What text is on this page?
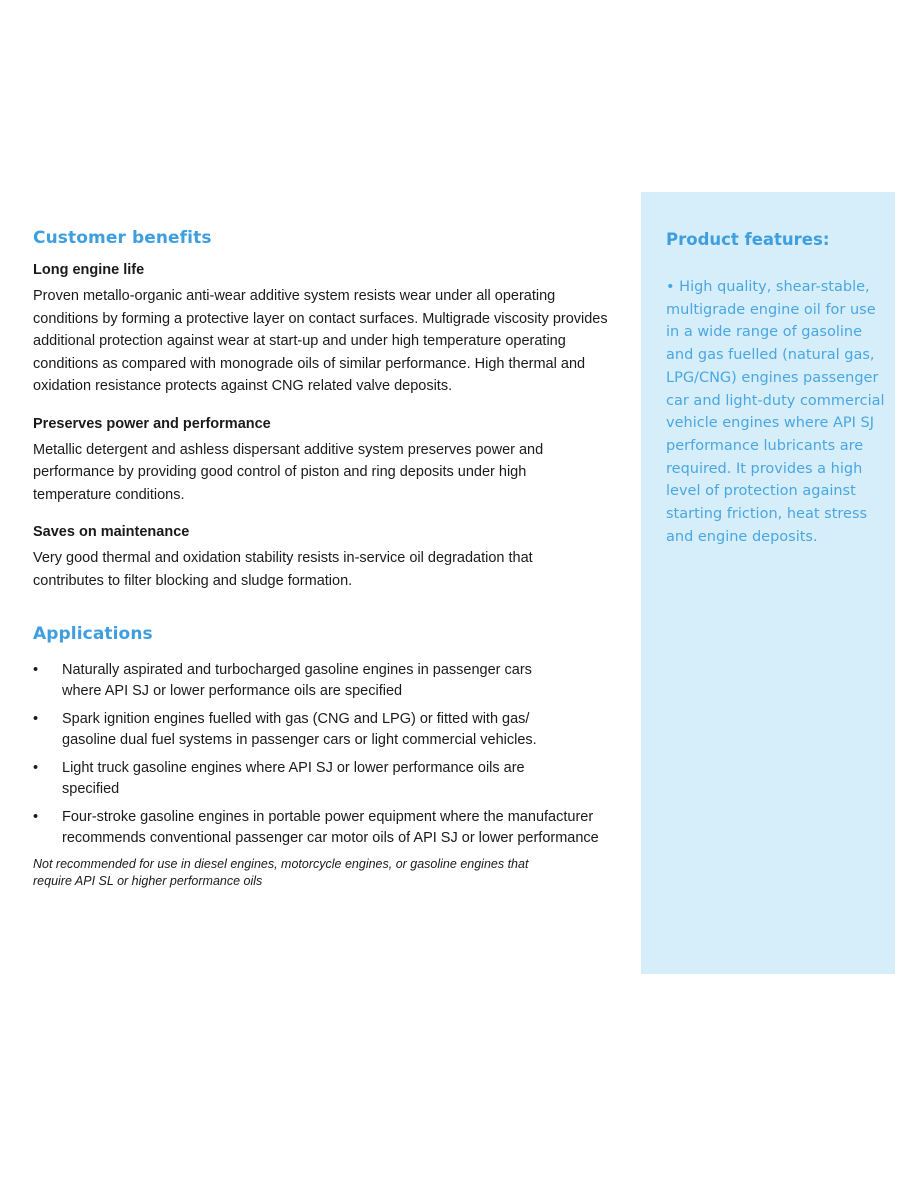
Customer benefits
Long engine life

Proven metallo-organic anti-wear additive system resists wear under all operating conditions by forming a protective layer on contact surfaces. Multigrade viscosity provides additional protection against wear at start-up and under high temperature operating conditions as compared with monograde oils of similar performance. High thermal and oxidation resistance protects against CNG related valve deposits.

Preserves power and performance

Metallic detergent and ashless dispersant additive system preserves power and performance by providing good control of piston and ring deposits under high temperature conditions.

Saves on maintenance

Very good thermal and oxidation stability resists in-service oil degradation that contributes to filter blocking and sludge formation.

Applications
• Naturally aspirated and turbocharged gasoline engines in passenger cars where API SJ or lower performance oils are specified
• Spark ignition engines fuelled with gas (CNG and LPG) or fitted with gas/ gasoline dual fuel systems in passenger cars or light commercial vehicles.
• Light truck gasoline engines where API SJ or lower performance oils are specified
• Four-stroke gasoline engines in portable power equipment where the manufacturer recommends conventional passenger car motor oils of API SJ or lower performance

Not recommended for use in diesel engines, motorcycle engines, or gasoline engines that require API SL or higher performance oils

Product features:

• High quality, shear-stable, multigrade engine oil for use in a wide range of gasoline and gas fuelled (natural gas, LPG/CNG) engines passenger car and light-duty commercial vehicle engines where API SJ performance lubricants are required. It provides a high level of protection against starting friction, heat stress and engine deposits.
